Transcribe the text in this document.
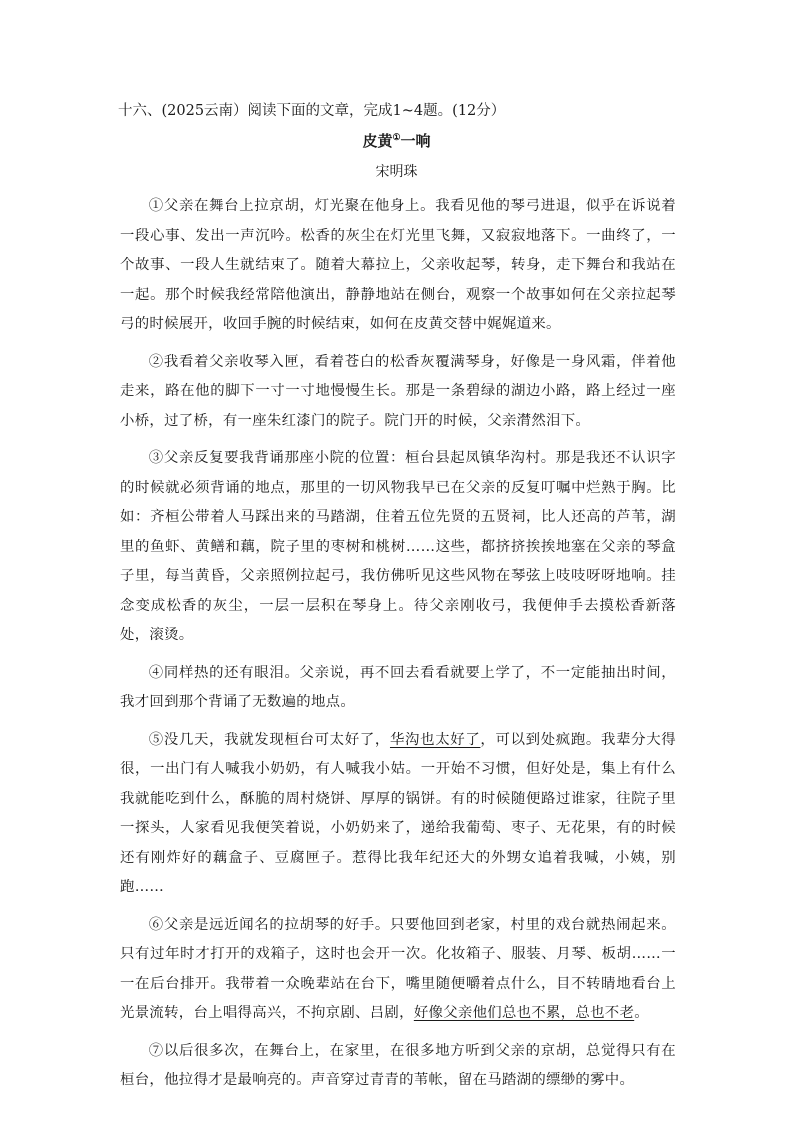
十六、(2025云南）阅读下面的文章，完成1~4题。(12分）
皮黄①一响
宋明珠

①父亲在舞台上拉京胡，灯光聚在他身上。我看见他的琴弓进退，似乎在诉说着一段心事、发出一声沉吟。松香的灰尘在灯光里飞舞，又寂寂地落下。一曲终了，一个故事、一段人生就结束了。随着大幕拉上，父亲收起琴，转身，走下舞台和我站在一起。那个时候我经常陪他演出，静静地站在侧台，观察一个故事如何在父亲拉起琴弓的时候展开，收回手腕的时候结束，如何在皮黄交替中娓娓道来。

②我看着父亲收琴入匣，看着苍白的松香灰覆满琴身，好像是一身风霜，伴着他走来，路在他的脚下一寸一寸地慢慢生长。那是一条碧绿的湖边小路，路上经过一座小桥，过了桥，有一座朱红漆门的院子。院门开的时候，父亲潸然泪下。

③父亲反复要我背诵那座小院的位置：桓台县起凤镇华沟村。那是我还不认识字的时候就必须背诵的地点，那里的一切风物我早已在父亲的反复叮嘱中烂熟于胸。比如：齐桓公带着人马踩出来的马踏湖，住着五位先贤的五贤祠，比人还高的芦苇，湖里的鱼虾、黄鳝和藕，院子里的枣树和桃树……这些，都挤挤挨挨地塞在父亲的琴盒子里，每当黄昏，父亲照例拉起弓，我仿佛听见这些风物在琴弦上吱吱呀呀地响。挂念变成松香的灰尘，一层一层积在琴身上。待父亲刚收弓，我便伸手去摸松香新落处，滚烫。

④同样热的还有眼泪。父亲说，再不回去看看就要上学了，不一定能抽出时间，我才回到那个背诵了无数遍的地点。

⑤没几天，我就发现桓台可太好了，华沟也太好了，可以到处疯跑。我辈分大得很，一出门有人喊我小奶奶，有人喊我小姑。一开始不习惯，但好处是，集上有什么我就能吃到什么，酥脆的周村烧饼、厚厚的锅饼。有的时候随便路过谁家，往院子里一探头，人家看见我便笑着说，小奶奶来了，递给我葡萄、枣子、无花果，有的时候还有刚炸好的藕盒子、豆腐匣子。惹得比我年纪还大的外甥女追着我喊，小姨，别跑……

⑥父亲是远近闻名的拉胡琴的好手。只要他回到老家，村里的戏台就热闹起来。只有过年时才打开的戏箱子，这时也会开一次。化妆箱子、服装、月琴、板胡……一一在后台排开。我带着一众晚辈站在台下，嘴里随便嚼着点什么，目不转睛地看台上光景流转，台上唱得高兴，不拘京剧、吕剧，好像父亲他们总也不累，总也不老。

⑦以后很多次，在舞台上，在家里，在很多地方听到父亲的京胡，总觉得只有在桓台，他拉得才是最响亮的。声音穿过青青的苇帐，留在马踏湖的缥缈的雾中。
